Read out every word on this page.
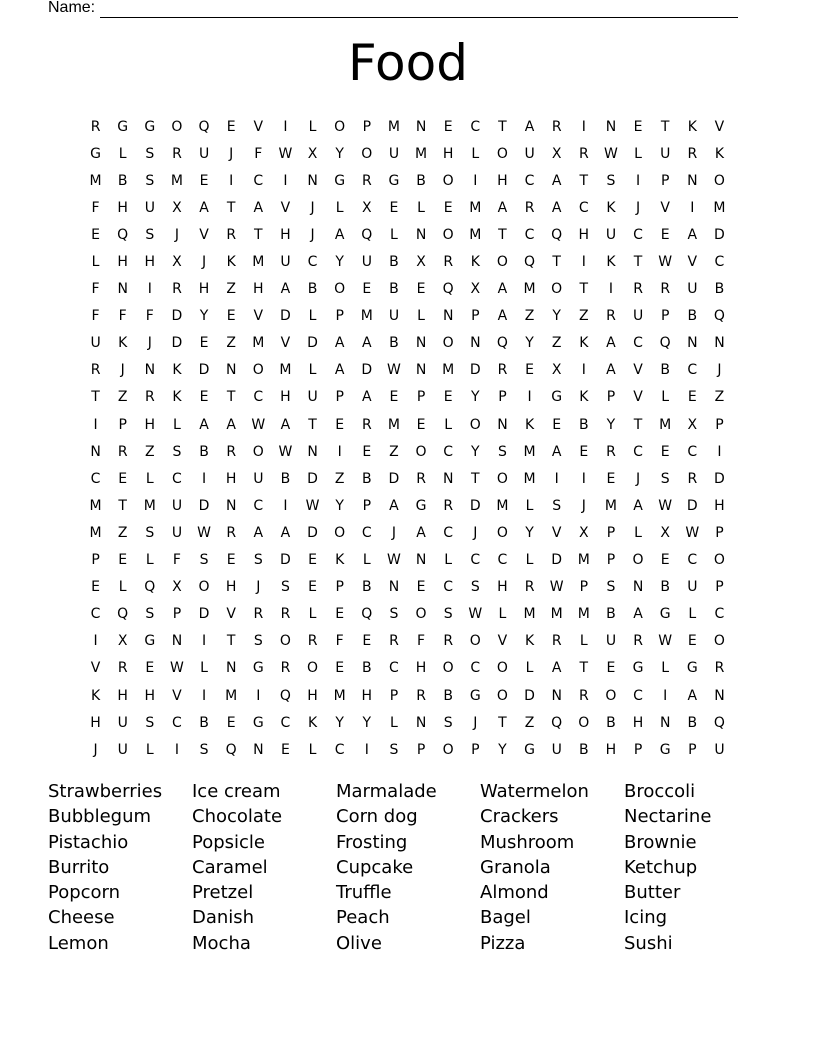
Name:
Food
R	G	G	O	Q	E	V	I	L	O	P	M	N	E	C	T	A	R	I	N	E	T	K	V
G	L	S	R	U	J	F	W	X	Y	O	U	M	H	L	O	U	X	R	W	L	U	R	K
M	B	S	M	E	I	C	I	N	G	R	G	B	O	I	H	C	A	T	S	I	P	N	O
F	H	U	X	A	T	A	V	J	L	X	E	L	E	M	A	R	A	C	K	J	V	I	M
E	Q	S	J	V	R	T	H	J	A	Q	L	N	O	M	T	C	Q	H	U	C	E	A	D
L	H	H	X	J	K	M	U	C	Y	U	B	X	R	K	O	Q	T	I	K	T	W	V	C
F	N	I	R	H	Z	H	A	B	O	E	B	E	Q	X	A	M	O	T	I	R	R	U	B
F	F	F	D	Y	E	V	D	L	P	M	U	L	N	P	A	Z	Y	Z	R	U	P	B	Q
U	K	J	D	E	Z	M	V	D	A	A	B	N	O	N	Q	Y	Z	K	A	C	Q	N	N
R	J	N	K	D	N	O	M	L	A	D	W	N	M	D	R	E	X	I	A	V	B	C	J
T	Z	R	K	E	T	C	H	U	P	A	E	P	E	Y	P	I	G	K	P	V	L	E	Z
I	P	H	L	A	A	W	A	T	E	R	M	E	L	O	N	K	E	B	Y	T	M	X	P
N	R	Z	S	B	R	O	W	N	I	E	Z	O	C	Y	S	M	A	E	R	C	E	C	I
C	E	L	C	I	H	U	B	D	Z	B	D	R	N	T	O	M	I	I	E	J	S	R	D
M	T	M	U	D	N	C	I	W	Y	P	A	G	R	D	M	L	S	J	M	A	W	D	H
M	Z	S	U	W	R	A	A	D	O	C	J	A	C	J	O	Y	V	X	P	L	X	W	P
P	E	L	F	S	E	S	D	E	K	L	W	N	L	C	C	L	D	M	P	O	E	C	O
E	L	Q	X	O	H	J	S	E	P	B	N	E	C	S	H	R	W	P	S	N	B	U	P
C	Q	S	P	D	V	R	R	L	E	Q	S	O	S	W	L	M	M	M	B	A	G	L	C
I	X	G	N	I	T	S	O	R	F	E	R	F	R	O	V	K	R	L	U	R	W	E	O
V	R	E	W	L	N	G	R	O	E	B	C	H	O	C	O	L	A	T	E	G	L	G	R
K	H	H	V	I	M	I	Q	H	M	H	P	R	B	G	O	D	N	R	O	C	I	A	N
H	U	S	C	B	E	G	C	K	Y	Y	L	N	S	J	T	Z	Q	O	B	H	N	B	Q
J	U	L	I	S	Q	N	E	L	C	I	S	P	O	P	Y	G	U	B	H	P	G	P	U
Strawberries	Ice cream	Marmalade	Watermelon	Broccoli
Bubblegum	Chocolate	Corn dog	Crackers	Nectarine
Pistachio	Popsicle	Frosting	Mushroom	Brownie
Burrito	Caramel	Cupcake	Granola	Ketchup
Popcorn	Pretzel	Truffle	Almond	Butter
Cheese	Danish	Peach	Bagel	Icing
Lemon	Mocha	Olive	Pizza	Sushi
